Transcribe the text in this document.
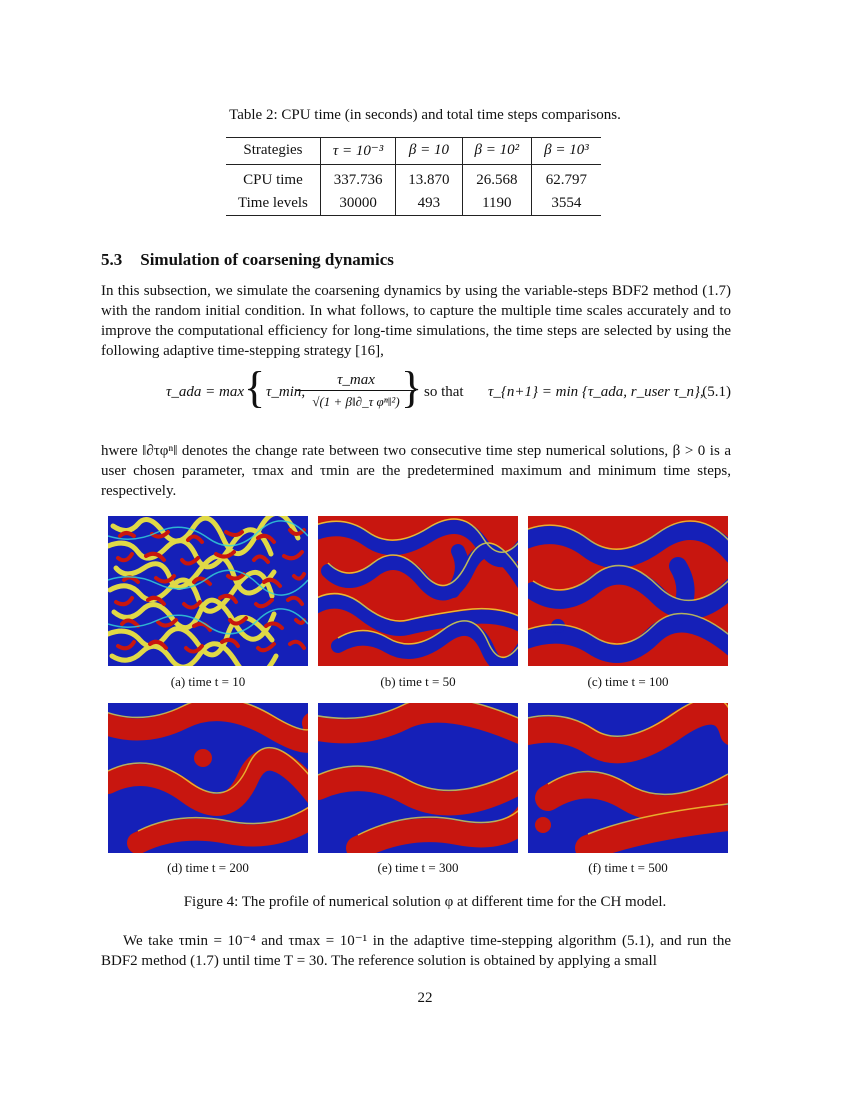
Table 2: CPU time (in seconds) and total time steps comparisons.
Strategies	τ = 10⁻³	β = 10	β = 10²	β = 10³

CPU time	337.736	13.870	26.568	62.797
Time levels	30000	493	1190	3554
5.3 Simulation of coarsening dynamics
In this subsection, we simulate the coarsening dynamics by using the variable-steps BDF2 method (1.7) with the random initial condition. In what follows, to capture the multiple time scales accurately and to improve the computational efficiency for long-time simulations, the time steps are selected by using the following adaptive time-stepping strategy [16],
τ_ada = max { τ_min,
τ_max
√(1 + β‖∂_τ φⁿ‖²) } so that τ_{n+1} = min {τ_ada, r_user τ_n},
(5.1)
hwere ‖∂τφⁿ‖ denotes the change rate between two consecutive time step numerical solutions, β > 0 is a user chosen parameter, τmax and τmin are the predetermined maximum and minimum time steps, respectively.
(a) time t = 10	(b) time t = 50	(c) time t = 100
(d) time t = 200	(e) time t = 300	(f) time t = 500
Figure 4: The profile of numerical solution φ at different time for the CH model.
We take τmin = 10⁻⁴ and τmax = 10⁻¹ in the adaptive time-stepping algorithm (5.1), and run the BDF2 method (1.7) until time T = 30. The reference solution is obtained by applying a small
22
